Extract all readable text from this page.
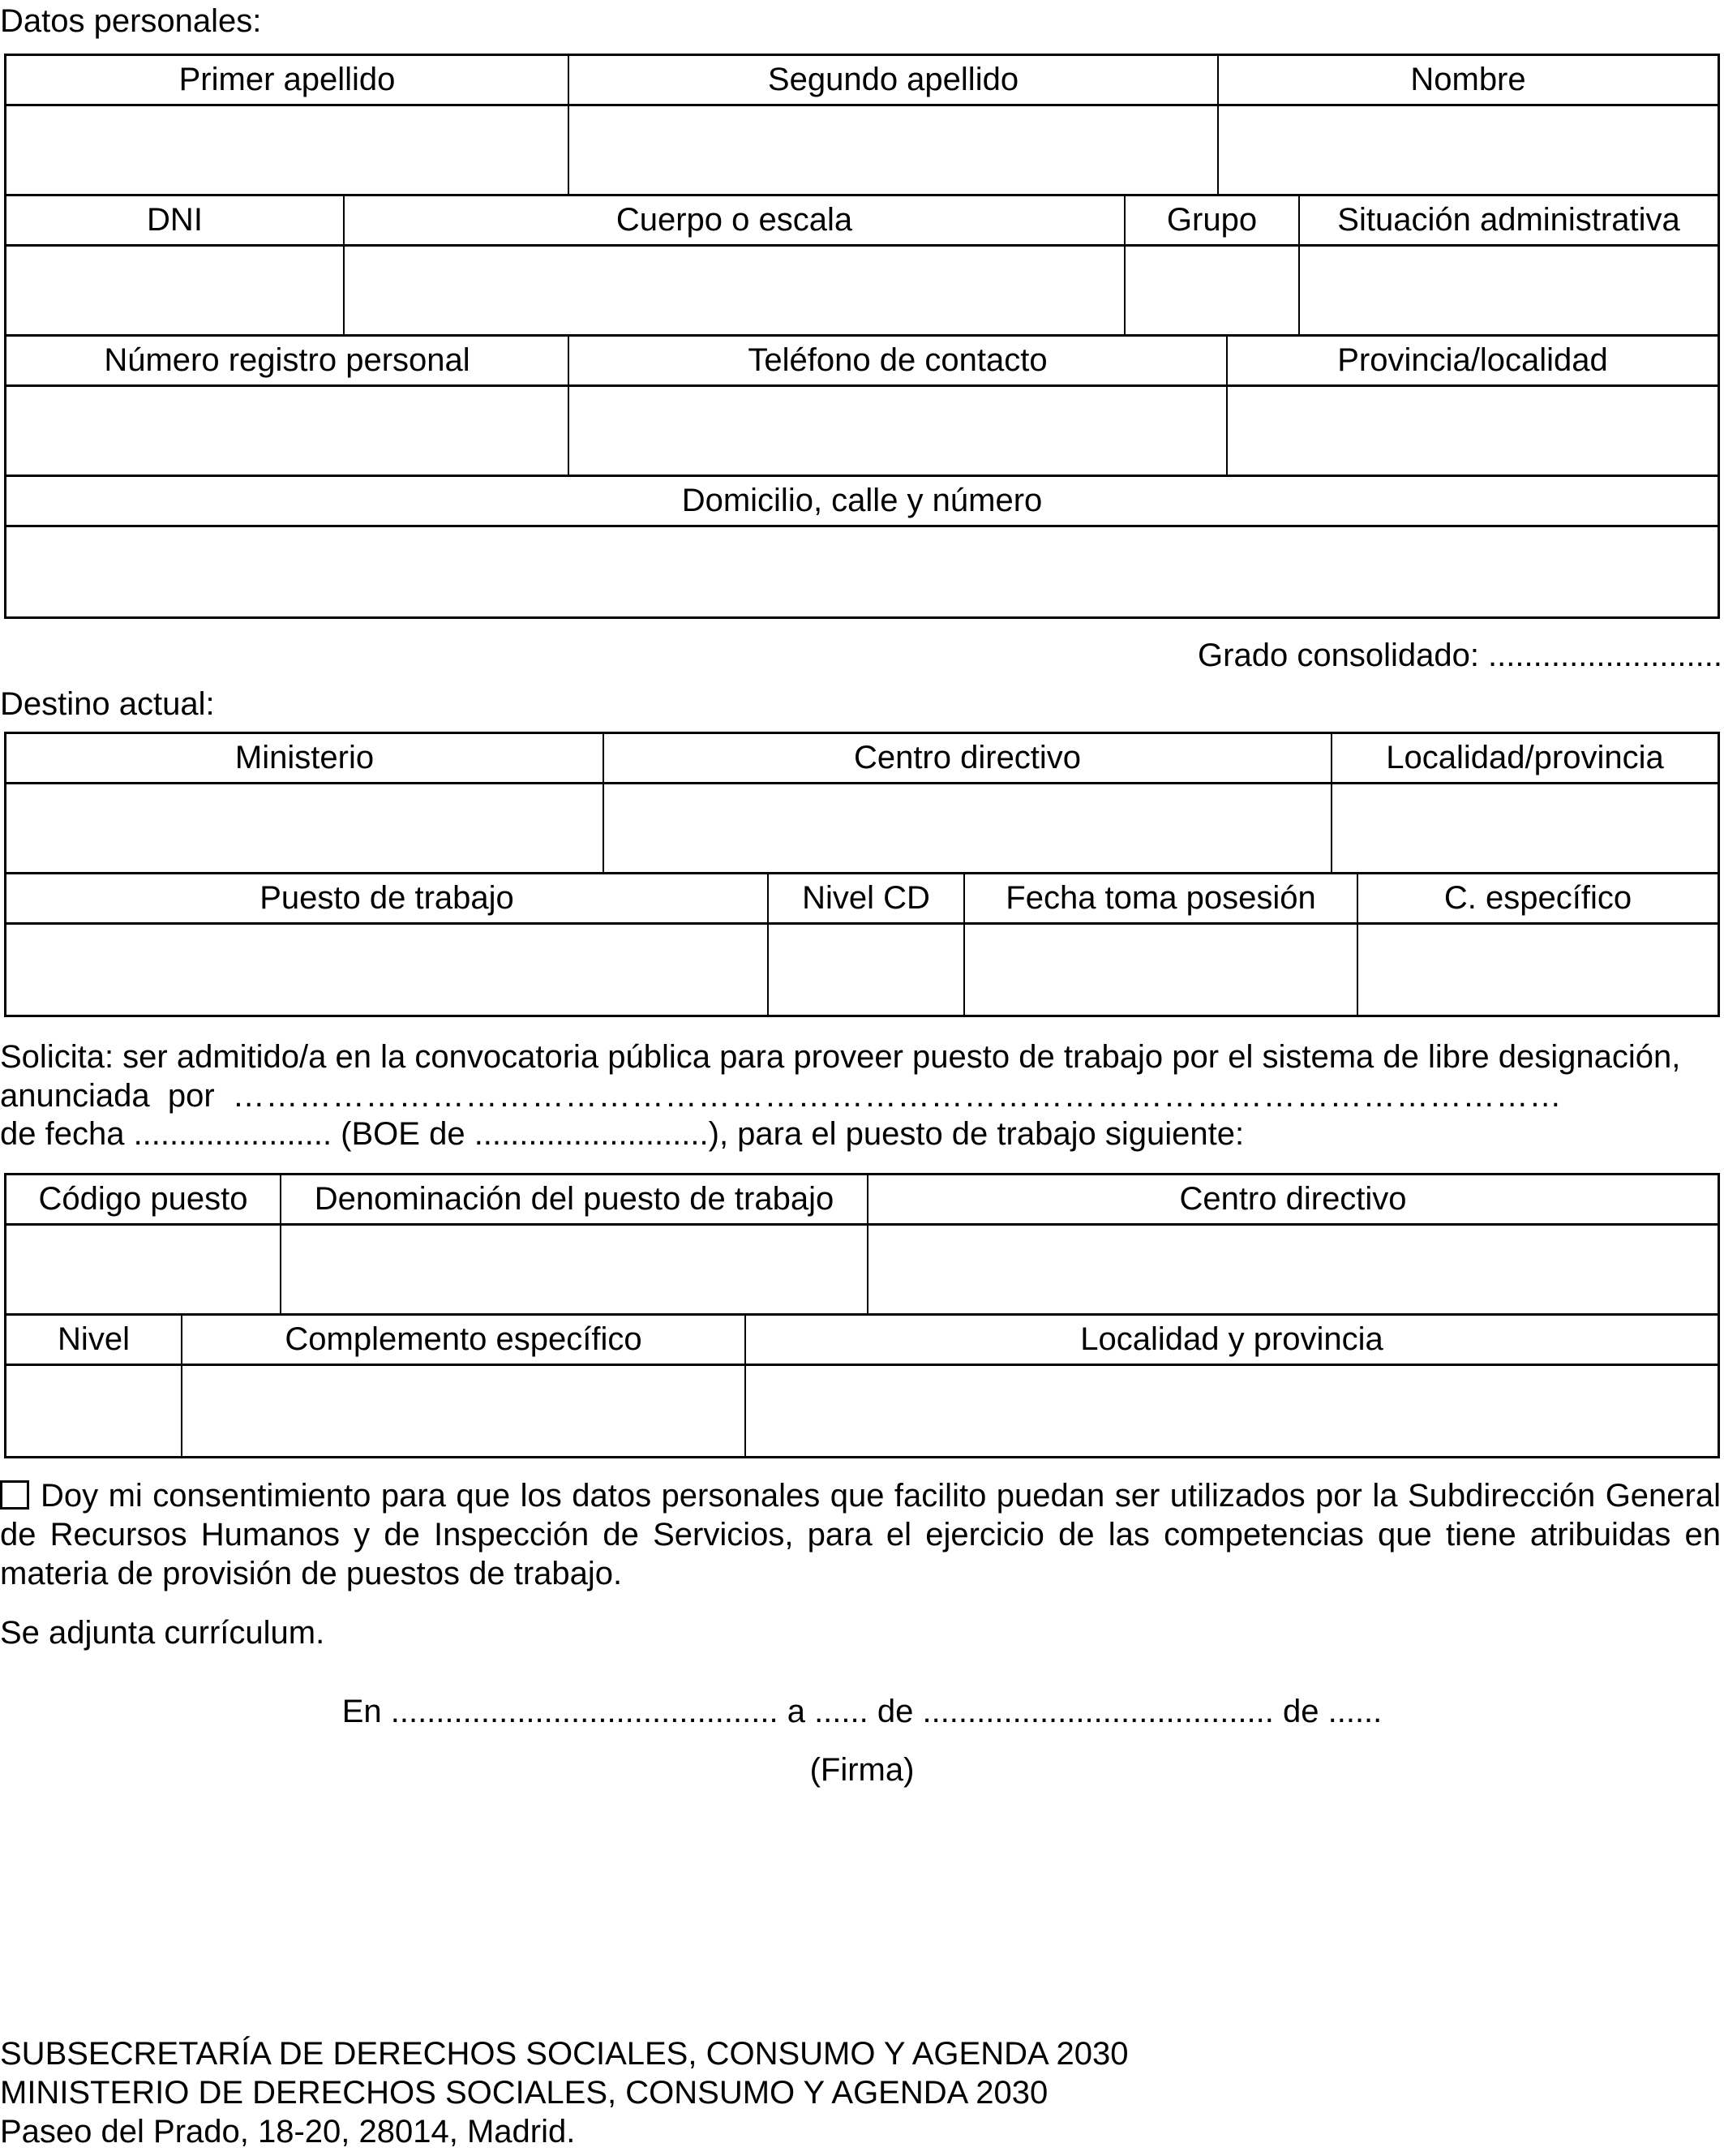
Datos personales:
Primer apellido	Segundo apellido	Nombre
DNI	Cuerpo o escala	Grupo	Situación administrativa
Número registro personal	Teléfono de contacto	Provincia/localidad
Domicilio, calle y número
Grado consolidado: ..........................
Destino actual:
Ministerio	Centro directivo	Localidad/provincia
Puesto de trabajo	Nivel CD	Fecha toma posesión	C. específico
Solicita: ser admitido/a en la convocatoria pública para proveer puesto de trabajo por el sistema de libre designación,
anunciada  por …………………………………………………………………………………………………………
de fecha ...................... (BOE de ..........................), para el puesto de trabajo siguiente:
Código puesto	Denominación del puesto de trabajo	Centro directivo
Nivel	Complemento específico	Localidad y provincia
Doy mi consentimiento para que los datos personales que facilito puedan ser utilizados por la Subdirección General de Recursos Humanos y de Inspección de Servicios, para el ejercicio de las competencias que tiene atribuidas en materia de provisión de puestos de trabajo.
Se adjunta currículum.
En ........................................... a ...... de ....................................... de ......
(Firma)
SUBSECRETARÍA DE DERECHOS SOCIALES, CONSUMO Y AGENDA 2030
MINISTERIO DE DERECHOS SOCIALES, CONSUMO Y AGENDA 2030
Paseo del Prado, 18-20, 28014, Madrid.
